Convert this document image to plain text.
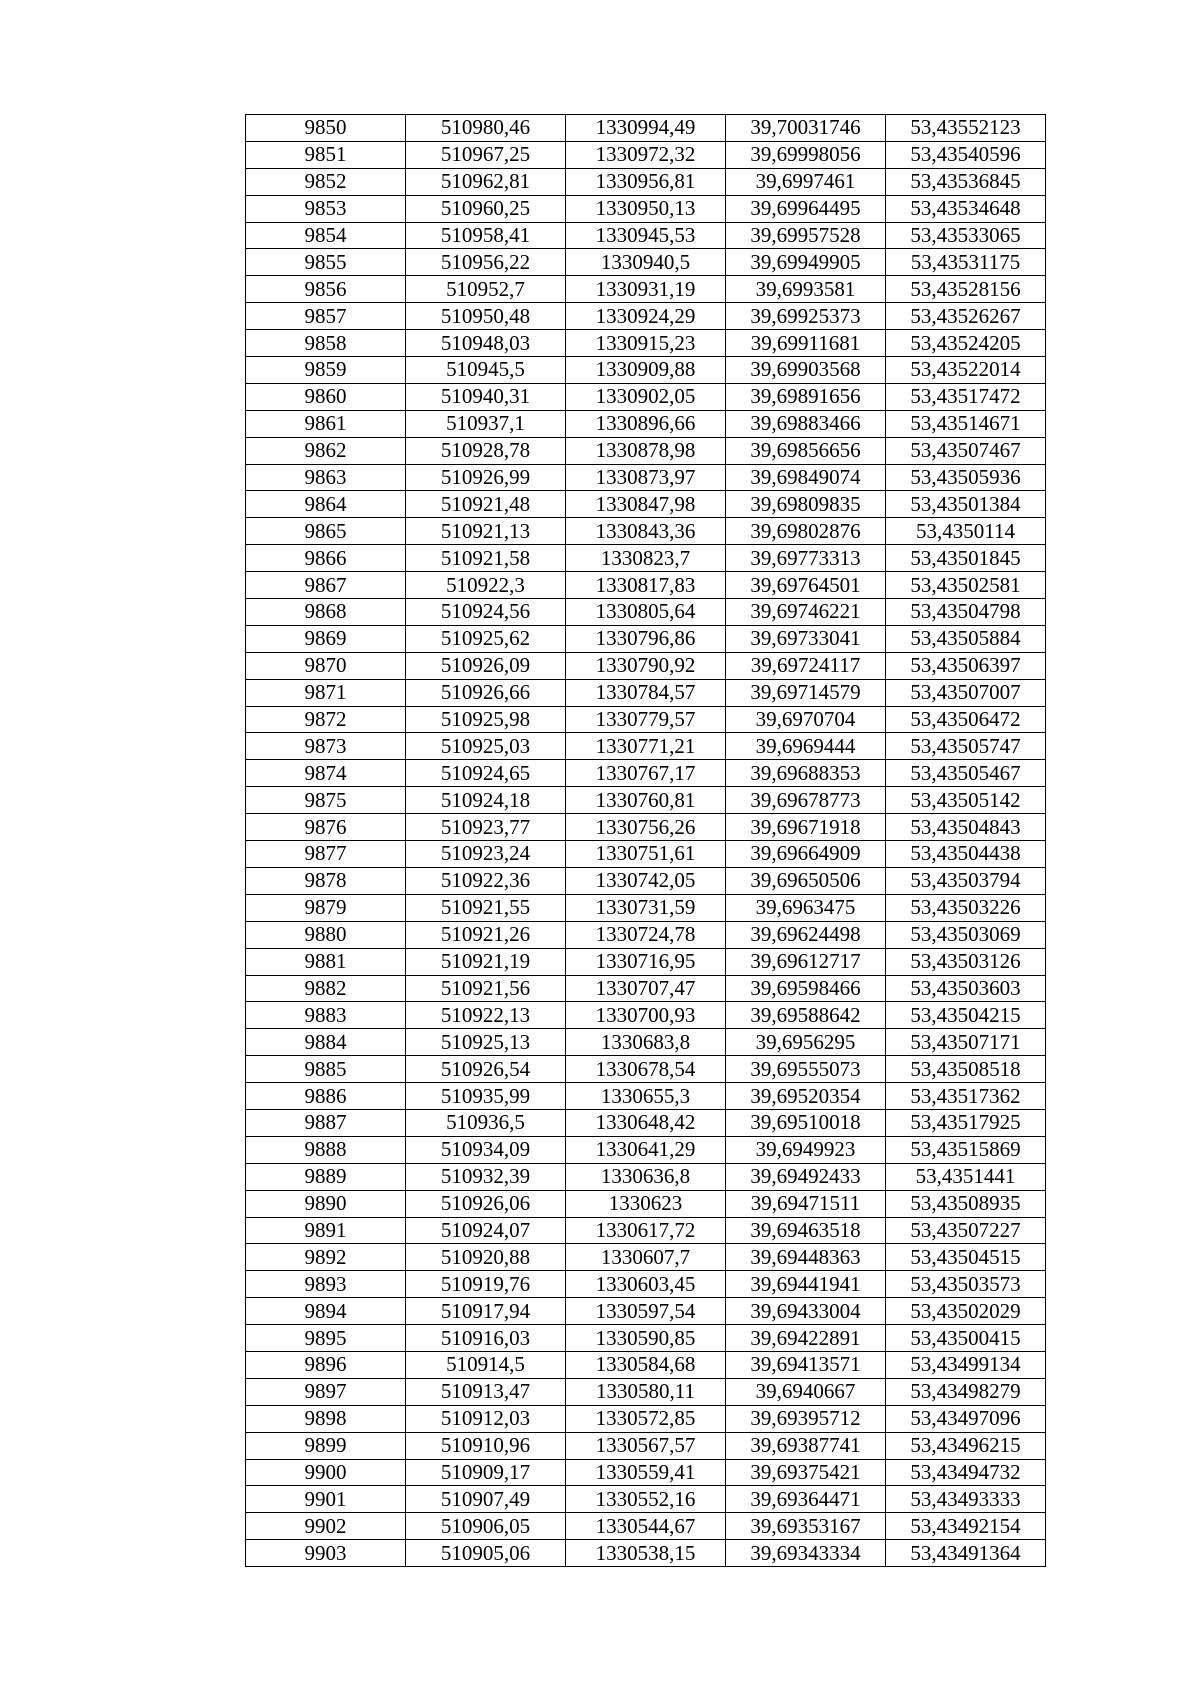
9850	510980,46	1330994,49	39,70031746	53,43552123
9851	510967,25	1330972,32	39,69998056	53,43540596
9852	510962,81	1330956,81	39,6997461	53,43536845
9853	510960,25	1330950,13	39,69964495	53,43534648
9854	510958,41	1330945,53	39,69957528	53,43533065
9855	510956,22	1330940,5	39,69949905	53,43531175
9856	510952,7	1330931,19	39,6993581	53,43528156
9857	510950,48	1330924,29	39,69925373	53,43526267
9858	510948,03	1330915,23	39,69911681	53,43524205
9859	510945,5	1330909,88	39,69903568	53,43522014
9860	510940,31	1330902,05	39,69891656	53,43517472
9861	510937,1	1330896,66	39,69883466	53,43514671
9862	510928,78	1330878,98	39,69856656	53,43507467
9863	510926,99	1330873,97	39,69849074	53,43505936
9864	510921,48	1330847,98	39,69809835	53,43501384
9865	510921,13	1330843,36	39,69802876	53,4350114
9866	510921,58	1330823,7	39,69773313	53,43501845
9867	510922,3	1330817,83	39,69764501	53,43502581
9868	510924,56	1330805,64	39,69746221	53,43504798
9869	510925,62	1330796,86	39,69733041	53,43505884
9870	510926,09	1330790,92	39,69724117	53,43506397
9871	510926,66	1330784,57	39,69714579	53,43507007
9872	510925,98	1330779,57	39,6970704	53,43506472
9873	510925,03	1330771,21	39,6969444	53,43505747
9874	510924,65	1330767,17	39,69688353	53,43505467
9875	510924,18	1330760,81	39,69678773	53,43505142
9876	510923,77	1330756,26	39,69671918	53,43504843
9877	510923,24	1330751,61	39,69664909	53,43504438
9878	510922,36	1330742,05	39,69650506	53,43503794
9879	510921,55	1330731,59	39,6963475	53,43503226
9880	510921,26	1330724,78	39,69624498	53,43503069
9881	510921,19	1330716,95	39,69612717	53,43503126
9882	510921,56	1330707,47	39,69598466	53,43503603
9883	510922,13	1330700,93	39,69588642	53,43504215
9884	510925,13	1330683,8	39,6956295	53,43507171
9885	510926,54	1330678,54	39,69555073	53,43508518
9886	510935,99	1330655,3	39,69520354	53,43517362
9887	510936,5	1330648,42	39,69510018	53,43517925
9888	510934,09	1330641,29	39,6949923	53,43515869
9889	510932,39	1330636,8	39,69492433	53,4351441
9890	510926,06	1330623	39,69471511	53,43508935
9891	510924,07	1330617,72	39,69463518	53,43507227
9892	510920,88	1330607,7	39,69448363	53,43504515
9893	510919,76	1330603,45	39,69441941	53,43503573
9894	510917,94	1330597,54	39,69433004	53,43502029
9895	510916,03	1330590,85	39,69422891	53,43500415
9896	510914,5	1330584,68	39,69413571	53,43499134
9897	510913,47	1330580,11	39,6940667	53,43498279
9898	510912,03	1330572,85	39,69395712	53,43497096
9899	510910,96	1330567,57	39,69387741	53,43496215
9900	510909,17	1330559,41	39,69375421	53,43494732
9901	510907,49	1330552,16	39,69364471	53,43493333
9902	510906,05	1330544,67	39,69353167	53,43492154
9903	510905,06	1330538,15	39,69343334	53,43491364
